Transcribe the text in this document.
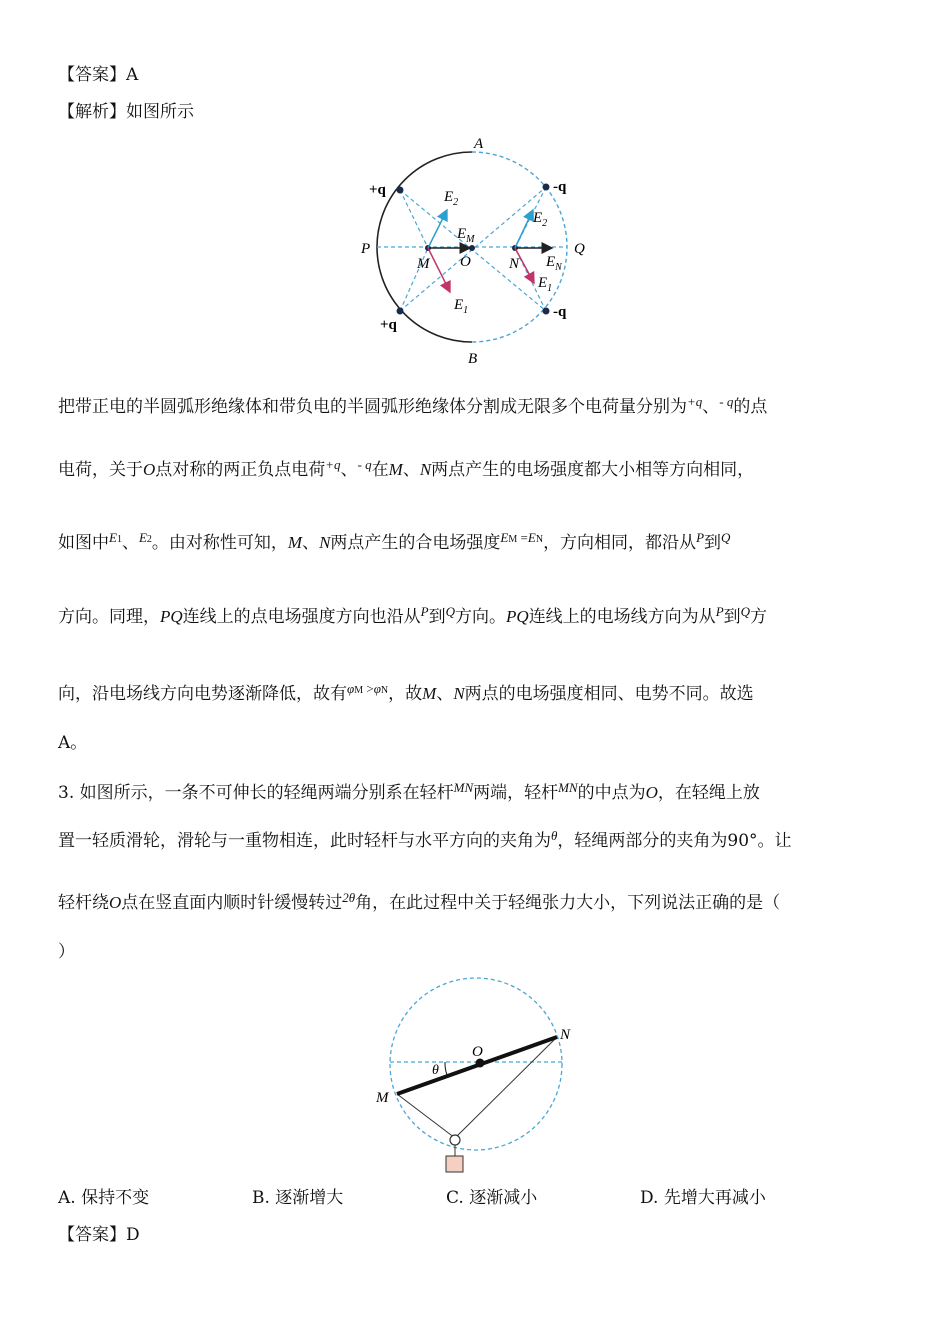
【答案】A
【解析】如图所示
A
B
P	Q
O
M	N
+q
+q
-q
-q
$E_2$
$E_1$
$E_M$
$E_2$
$E_1$
$E_N$
把带正电的半圆弧形绝缘体和带负电的半圆弧形绝缘体分割成无限多个电荷量分别为$^{+q}$、$^{- q}$的点
电荷，关于O点对称的两正负点电荷$^{+q}$、$^{- q}$在M、N两点产生的电场强度都大小相等方向相同，
如图中$^{E1}$、$^{E2}$。由对称性可知，M、N两点产生的合电场强度$^{EM}$ $^{=EN}$，方向相同，都沿从$^P$到$^Q$
方向。同理，PQ连线上的点电场强度方向也沿从$^P$到$^Q$方向。PQ连线上的电场线方向为从$^P$到$^Q$方
向，沿电场线方向电势逐渐降低，故有$^{\varphi M}$ $^{>\varphi N}$，故M、N两点的电场强度相同、电势不同。故选
A。
3. 如图所示，一条不可伸长的轻绳两端分别系在轻杆$^{MN}$两端，轻杆$^{MN}$的中点为O，在轻绳上放
置一轻质滑轮，滑轮与一重物相连，此时轻杆与水平方向的夹角为$^\theta$，轻绳两部分的夹角为90°。让
轻杆绕O点在竖直面内顺时针缓慢转过$^{2\theta}$角，在此过程中关于轻绳张力大小，下列说法正确的是（
）
O
M
N
θ
A. 保持不变	B. 逐渐增大	C. 逐渐减小	D. 先增大再减小
【答案】D
